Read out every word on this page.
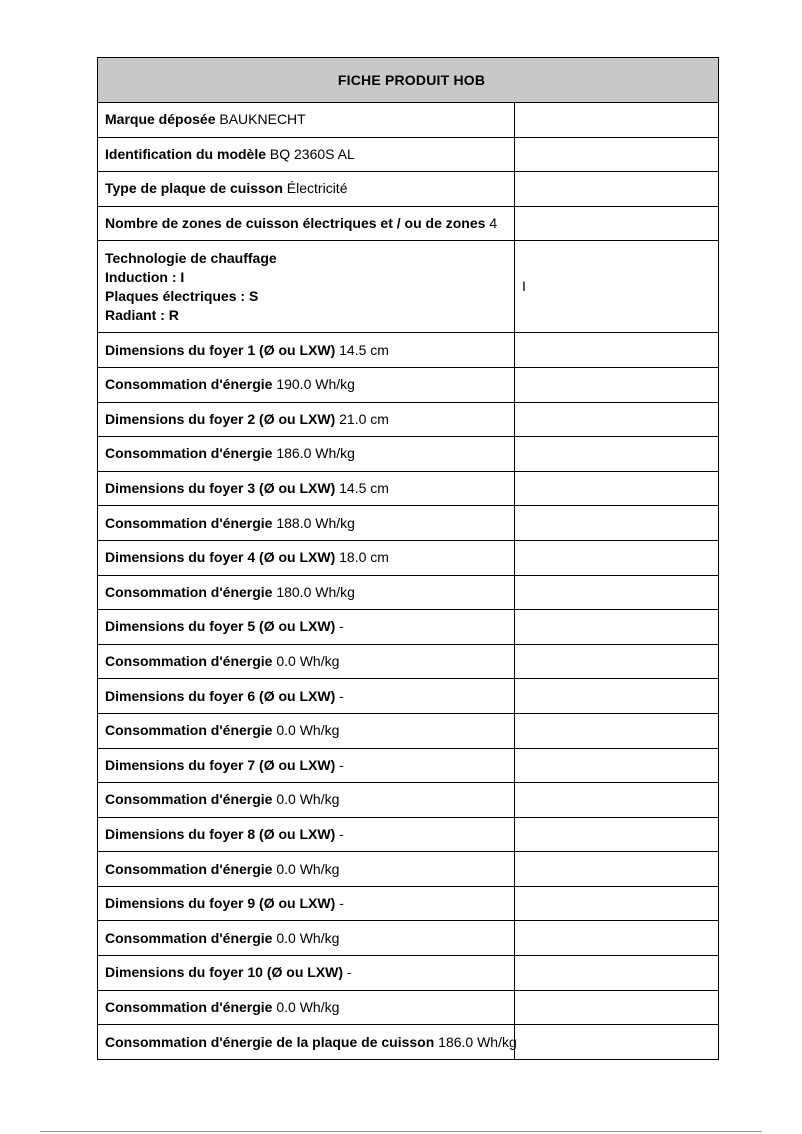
FICHE PRODUIT HOB	
Marque déposée BAUKNECHT	
Identification du modèle BQ 2360S AL	
Type de plaque de cuisson Électricité	
Nombre de zones de cuisson électriques et / ou de zones 4	

Technologie de chauffage
Induction : I
Plaques électriques : S
Radiant : R	I
Dimensions du foyer 1 (Ø ou LXW) 14.5 cm	
Consommation d'énergie 190.0 Wh/kg	
Dimensions du foyer 2 (Ø ou LXW) 21.0 cm	
Consommation d'énergie 186.0 Wh/kg	
Dimensions du foyer 3 (Ø ou LXW) 14.5 cm	
Consommation d'énergie 188.0 Wh/kg	
Dimensions du foyer 4 (Ø ou LXW) 18.0 cm	
Consommation d'énergie 180.0 Wh/kg	
Dimensions du foyer 5 (Ø ou LXW) -	
Consommation d'énergie 0.0 Wh/kg	
Dimensions du foyer 6 (Ø ou LXW) -	
Consommation d'énergie 0.0 Wh/kg	
Dimensions du foyer 7 (Ø ou LXW) -	
Consommation d'énergie 0.0 Wh/kg	
Dimensions du foyer 8 (Ø ou LXW) -	
Consommation d'énergie 0.0 Wh/kg	
Dimensions du foyer 9 (Ø ou LXW) -	
Consommation d'énergie 0.0 Wh/kg	
Dimensions du foyer 10 (Ø ou LXW) -	
Consommation d'énergie 0.0 Wh/kg	
Consommation d'énergie de la plaque de cuisson 186.0 Wh/kg	
